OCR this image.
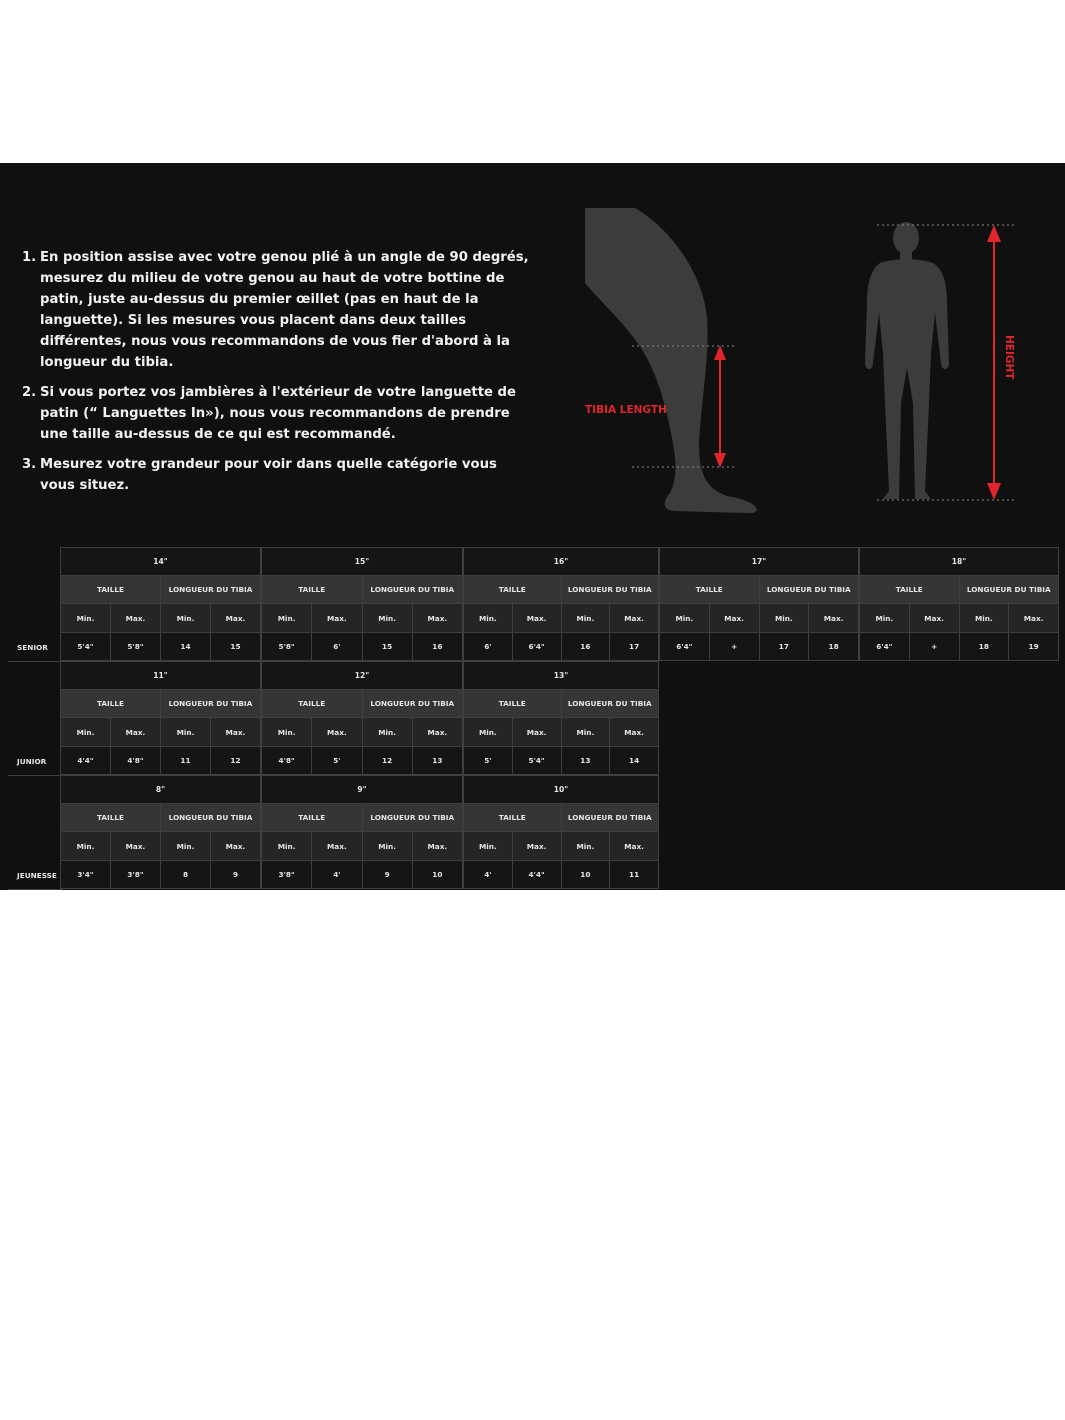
1. En position assise avec votre genou plié à un angle de 90 degrés, mesurez du milieu de votre genou au haut de votre bottine de patin, juste au-dessus du premier œillet (pas en haut de la languette). Si les mesures vous placent dans deux tailles différentes, nous vous recommandons de vous fier d'abord à la longueur du tibia.
2. Si vous portez vos jambières à l'extérieur de votre languette de patin (“ Languettes In»), nous vous recommandons de prendre une taille au-dessus de ce qui est recommandé.
3. Mesurez votre grandeur pour voir dans quelle catégorie vous vous situez.
TIBIA LENGTH
HEIGHT
SENIOR
14"			
TAILLE		LONGUEUR DU TIBIA	
Min.	Max.	Min.	Max.
5'4"	5'8"	14	15
15"			
TAILLE		LONGUEUR DU TIBIA	
Min.	Max.	Min.	Max.
5'8"	6'	15	16
16"			
TAILLE		LONGUEUR DU TIBIA	
Min.	Max.	Min.	Max.
6'	6'4"	16	17
17"			
TAILLE		LONGUEUR DU TIBIA	
Min.	Max.	Min.	Max.
6'4"	+	17	18
18"			
TAILLE		LONGUEUR DU TIBIA	
Min.	Max.	Min.	Max.
6'4"	+	18	19
JUNIOR
11"			
TAILLE		LONGUEUR DU TIBIA	
Min.	Max.	Min.	Max.
4'4"	4'8"	11	12
12"			
TAILLE		LONGUEUR DU TIBIA	
Min.	Max.	Min.	Max.
4'8"	5'	12	13
13"			
TAILLE		LONGUEUR DU TIBIA	
Min.	Max.	Min.	Max.
5'	5'4"	13	14
JEUNESSE
8"			
TAILLE		LONGUEUR DU TIBIA	
Min.	Max.	Min.	Max.
3'4"	3'8"	8	9
9"			
TAILLE		LONGUEUR DU TIBIA	
Min.	Max.	Min.	Max.
3'8"	4'	9	10
10"			
TAILLE		LONGUEUR DU TIBIA	
Min.	Max.	Min.	Max.
4'	4'4"	10	11
